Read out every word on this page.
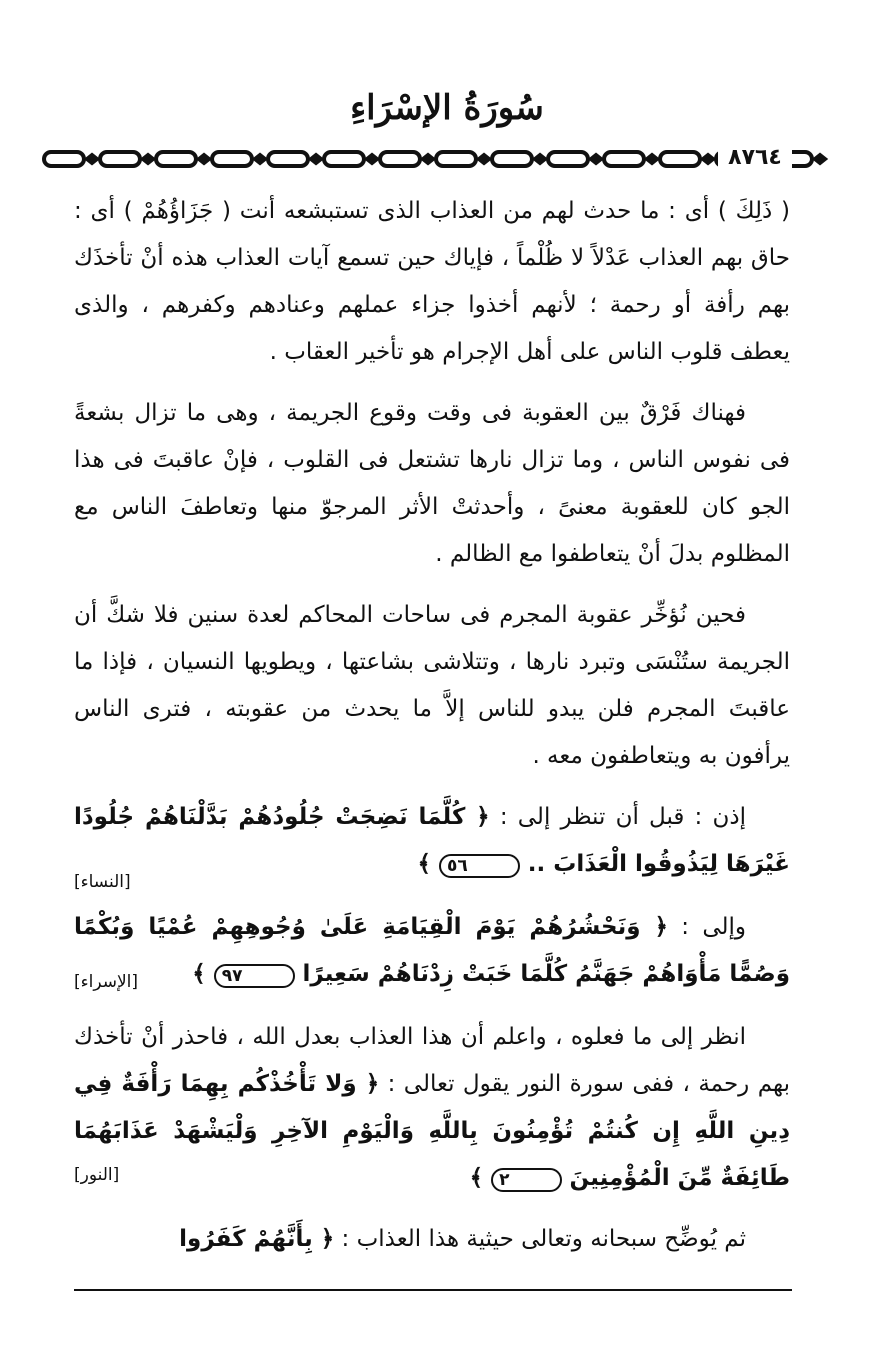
سُورَةُ الإسْرَاءِ
٨٧٦٤

( ذَلِكَ ) أى : ما حدث لهم من العذاب الذى تستبشعه أنت ( جَزَاؤُهُمْ ) أى : حاق بهم العذاب عَدْلاً لا ظُلْماً ، فإياك حين تسمع آيات العذاب هذه أنْ تأخذَك بهم رأفة أو رحمة ؛ لأنهم أخذوا جزاء عملهم وعنادهم وكفرهم ، والذى يعطف قلوب الناس على أهل الإجرام هو تأخير العقاب .

فهناك فَرْقٌ بين العقوبة فى وقت وقوع الجريمة ، وهى ما تزال بشعةً فى نفوس الناس ، وما تزال نارها تشتعل فى القلوب ، فإنْ عاقبتَ فى هذا الجو كان للعقوبة معنىً ، وأحدثتْ الأثر المرجوّ منها وتعاطفَ الناس مع المظلوم بدلَ أنْ يتعاطفوا مع الظالم .

فحين نُؤخِّر عقوبة المجرم فى ساحات المحاكم لعدة سنين فلا شكَّ أن الجريمة ستُنْسَى وتبرد نارها ، وتتلاشى بشاعتها ، ويطويها النسيان ، فإذا ما عاقبتَ المجرم فلن يبدو للناس إلاَّ ما يحدث من عقوبته ، فترى الناس يرأفون به ويتعاطفون معه .

إذن : قبل أن تنظر إلى : ﴿ كُلَّمَا نَضِجَتْ جُلُودُهُمْ بَدَّلْنَاهُمْ جُلُودًا غَيْرَهَا لِيَذُوقُوا الْعَذَابَ .. ٥٦ ﴾

وإلى : ﴿ وَنَحْشُرُهُمْ يَوْمَ الْقِيَامَةِ عَلَىٰ وُجُوهِهِمْ عُمْيًا وَبُكْمًا وَصُمًّا مَأْوَاهُمْ جَهَنَّمُ كُلَّمَا خَبَتْ زِدْنَاهُمْ سَعِيرًا ٩٧ ﴾

انظر إلى ما فعلوه ، واعلم أن هذا العذاب بعدل الله ، فاحذر أنْ تأخذك بهم رحمة ، ففى سورة النور يقول تعالى : ﴿ وَلا تَأْخُذْكُم بِهِمَا رَأْفَةٌ فِي دِينِ اللَّهِ إِن كُنتُمْ تُؤْمِنُونَ بِاللَّهِ وَالْيَوْمِ الآخِرِ وَلْيَشْهَدْ عَذَابَهُمَا طَائِفَةٌ مِّنَ الْمُؤْمِنِينَ ٢ ﴾

ثم يُوضِّح سبحانه وتعالى حيثية هذا العذاب : ﴿ بِأَنَّهُمْ كَفَرُوا

[النساء]
[الإسراء]
[النور]
